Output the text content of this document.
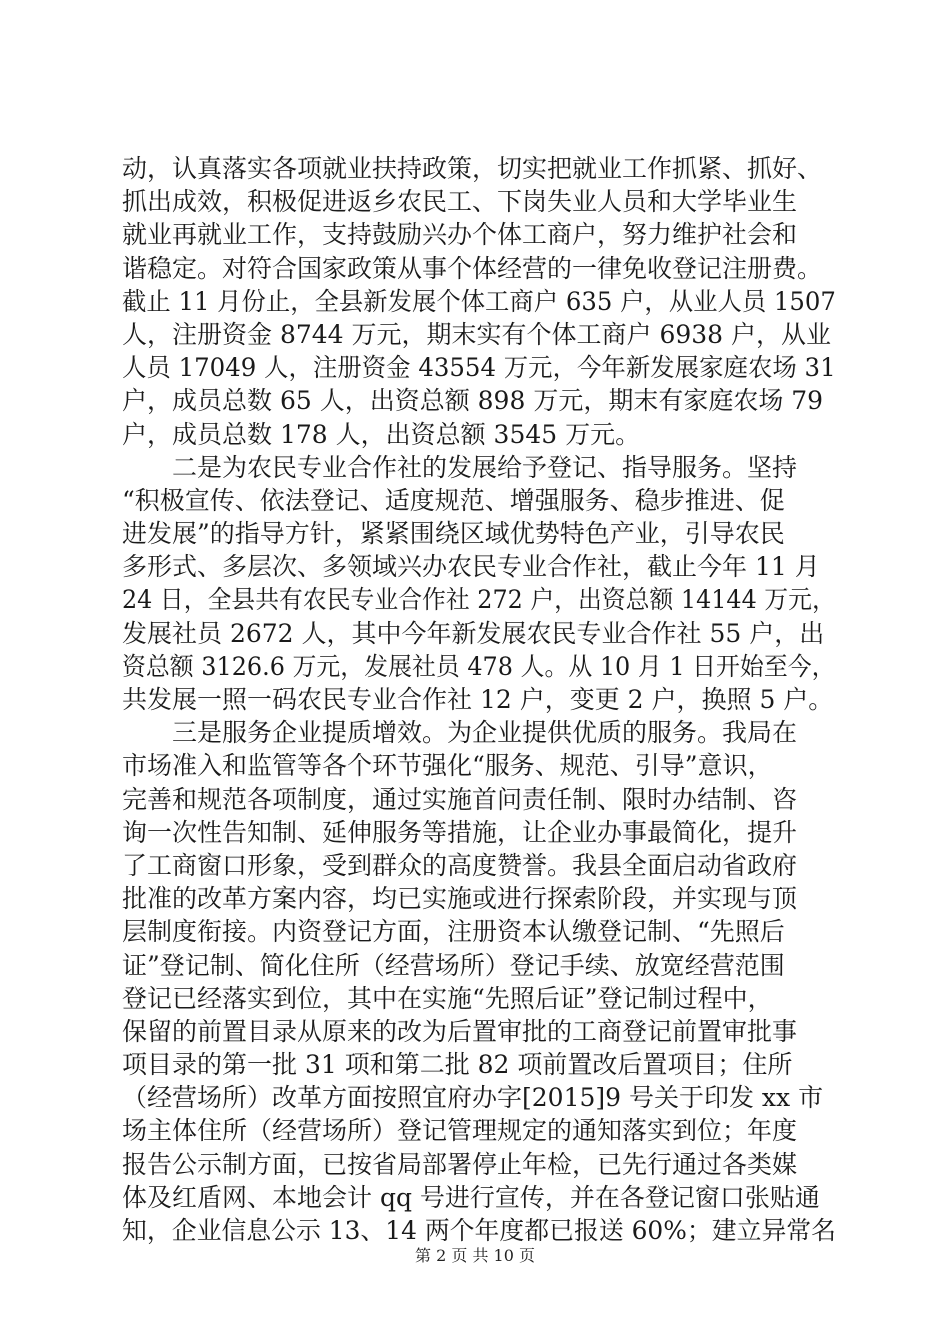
动，认真落实各项就业扶持政策，切实把就业工作抓紧、抓好、
抓出成效，积极促进返乡农民工、下岗失业人员和大学毕业生
就业再就业工作，支持鼓励兴办个体工商户，努力维护社会和
谐稳定。对符合国家政策从事个体经营的一律免收登记注册费。
截止 11 月份止，全县新发展个体工商户 635 户，从业人员 1507
人，注册资金 8744 万元，期末实有个体工商户 6938 户，从业
人员 17049 人，注册资金 43554 万元，今年新发展家庭农场 31
户，成员总数 65 人，出资总额 898 万元，期末有家庭农场 79
户，成员总数 178 人，出资总额 3545 万元。
　　二是为农民专业合作社的发展给予登记、指导服务。坚持
“积极宣传、依法登记、适度规范、增强服务、稳步推进、促
进发展”的指导方针，紧紧围绕区域优势特色产业，引导农民
多形式、多层次、多领域兴办农民专业合作社，截止今年 11 月
24 日，全县共有农民专业合作社 272 户，出资总额 14144 万元，
发展社员 2672 人，其中今年新发展农民专业合作社 55 户，出
资总额 3126.6 万元，发展社员 478 人。从 10 月 1 日开始至今，
共发展一照一码农民专业合作社 12 户，变更 2 户，换照 5 户。
　　三是服务企业提质增效。为企业提供优质的服务。我局在
市场准入和监管等各个环节强化“服务、规范、引导”意识，
完善和规范各项制度，通过实施首问责任制、限时办结制、咨
询一次性告知制、延伸服务等措施，让企业办事最简化，提升
了工商窗口形象，受到群众的高度赞誉。我县全面启动省政府
批准的改革方案内容，均已实施或进行探索阶段，并实现与顶
层制度衔接。内资登记方面，注册资本认缴登记制、“先照后
证”登记制、简化住所（经营场所）登记手续、放宽经营范围
登记已经落实到位，其中在实施“先照后证”登记制过程中，
保留的前置目录从原来的改为后置审批的工商登记前置审批事
项目录的第一批 31 项和第二批 82 项前置改后置项目；住所
（经营场所）改革方面按照宜府办字[2015]9 号关于印发 xx 市
场主体住所（经营场所）登记管理规定的通知落实到位；年度
报告公示制方面，已按省局部署停止年检，已先行通过各类媒
体及红盾网、本地会计 qq 号进行宣传，并在各登记窗口张贴通
知，企业信息公示 13、14 两个年度都已报送 60%；建立异常名
第 2 页 共 10 页
